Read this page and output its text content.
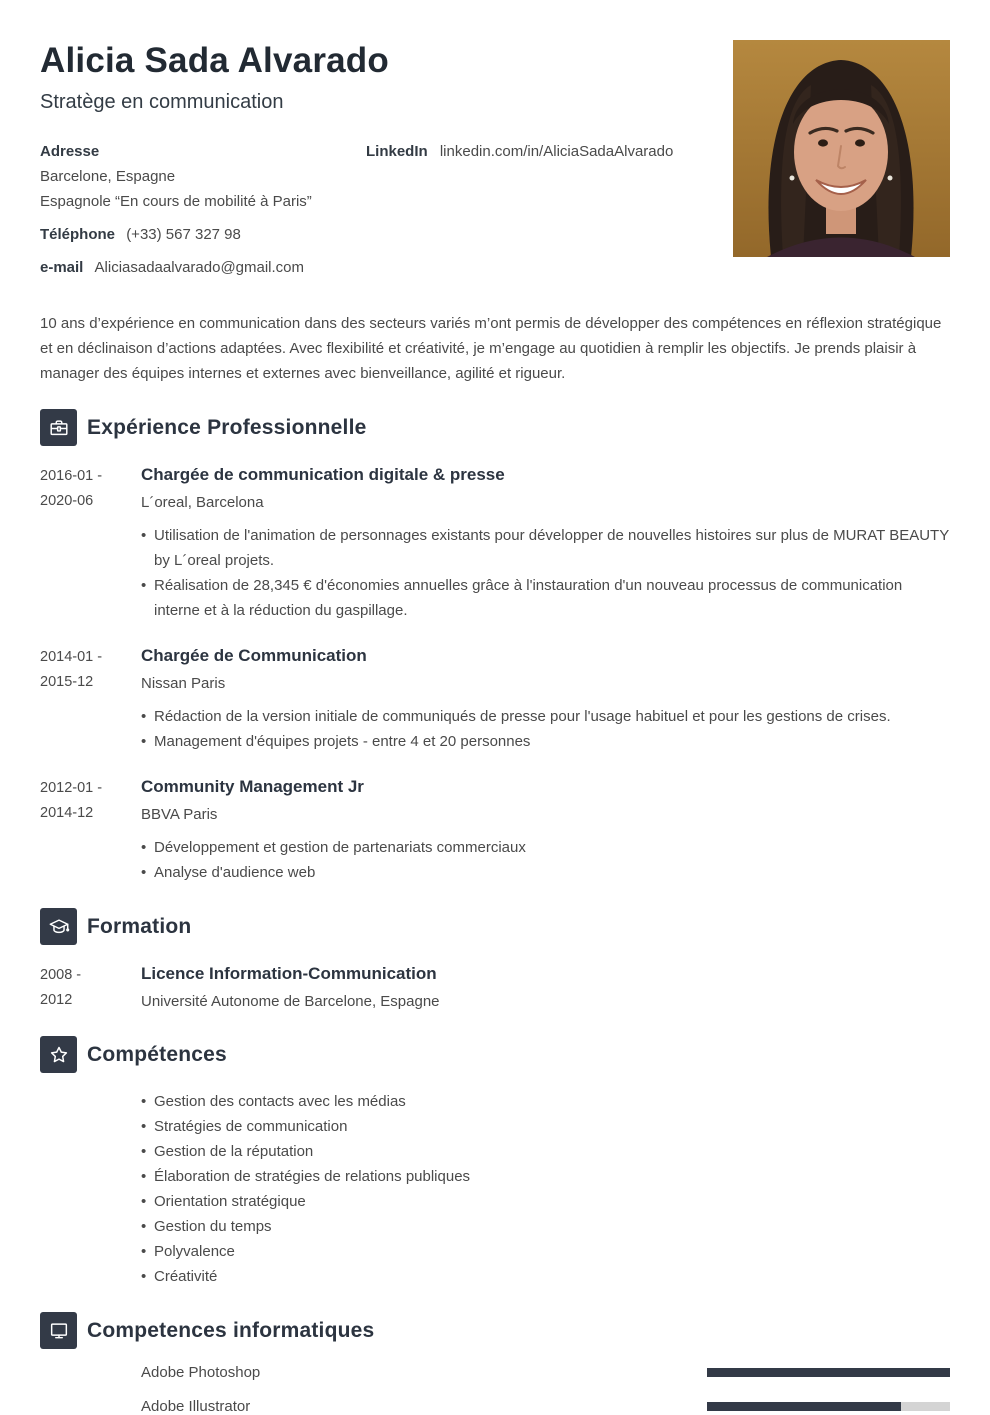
Alicia Sada Alvarado
Stratège en communication
Adresse	LinkedIn linkedin.com/in/AliciaSadaAlvarado
Barcelone, Espagne
Espagnole “En cours de mobilité à Paris”
Téléphone (+33) 567 327 98
e-mail Aliciasadaalvarado@gmail.com

10 ans d’expérience en communication dans des secteurs variés m’ont permis de développer des compétences en réflexion stratégique et en déclinaison d’actions adaptées. Avec flexibilité et créativité, je m’engage au quotidien à remplir les objectifs. Je prends plaisir à manager des équipes internes et externes avec bienveillance, agilité et rigueur.

Expérience Professionnelle
2016-01 -
2020-06
Chargée de communication digitale & presse
L´oreal, Barcelona
• Utilisation de l'animation de personnages existants pour développer de nouvelles histoires sur plus de MURAT BEAUTY by L´oreal projets.
• Réalisation de 28,345 € d'économies annuelles grâce à l'instauration d'un nouveau processus de communication interne et à la réduction du gaspillage.
2014-01 -
2015-12
Chargée de Communication
Nissan Paris
• Rédaction de la version initiale de communiqués de presse pour l'usage habituel et pour les gestions de crises.
• Management d'équipes projets - entre 4 et 20 personnes
2012-01 -
2014-12
Community Management Jr
BBVA Paris
• Développement et gestion de partenariats commerciaux
• Analyse d'audience web
Formation
2008 -
2012
Licence Information-Communication
Université Autonome de Barcelone, Espagne
Compétences
• Gestion des contacts avec les médias
• Stratégies de communication
• Gestion de la réputation
• Élaboration de stratégies de relations publiques
• Orientation stratégique
• Gestion du temps
• Polyvalence
• Créativité
Competences informatiques
Adobe Photoshop
Adobe Illustrator
